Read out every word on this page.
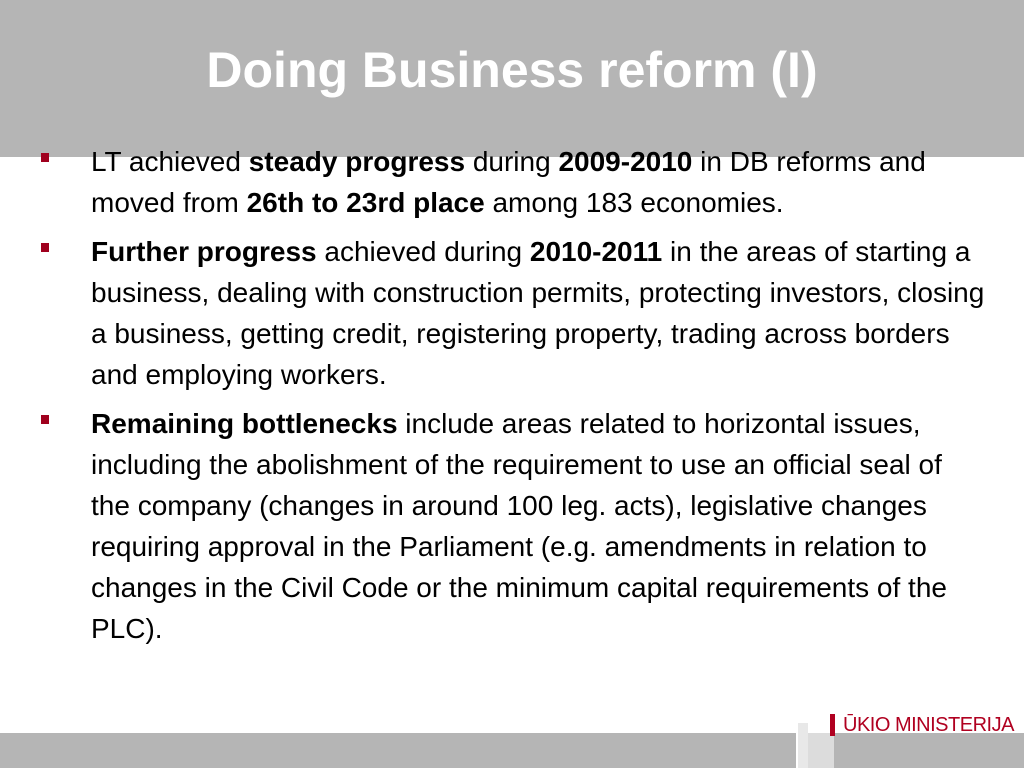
Doing Business reform (I)
LT achieved steady progress during 2009-2010 in DB reforms and moved from 26th to 23rd place among 183 economies.
Further progress achieved during 2010-2011 in the areas of starting a business, dealing with construction permits, protecting investors, closing a business, getting credit, registering property, trading across borders and employing workers.
Remaining bottlenecks include areas related to horizontal issues, including the abolishment of the requirement to use an official seal of the company (changes in around 100 leg. acts), legislative changes requiring approval in the Parliament (e.g. amendments in relation to changes in the Civil Code or the minimum capital requirements of the PLC).
ŪKIO MINISTERIJA
